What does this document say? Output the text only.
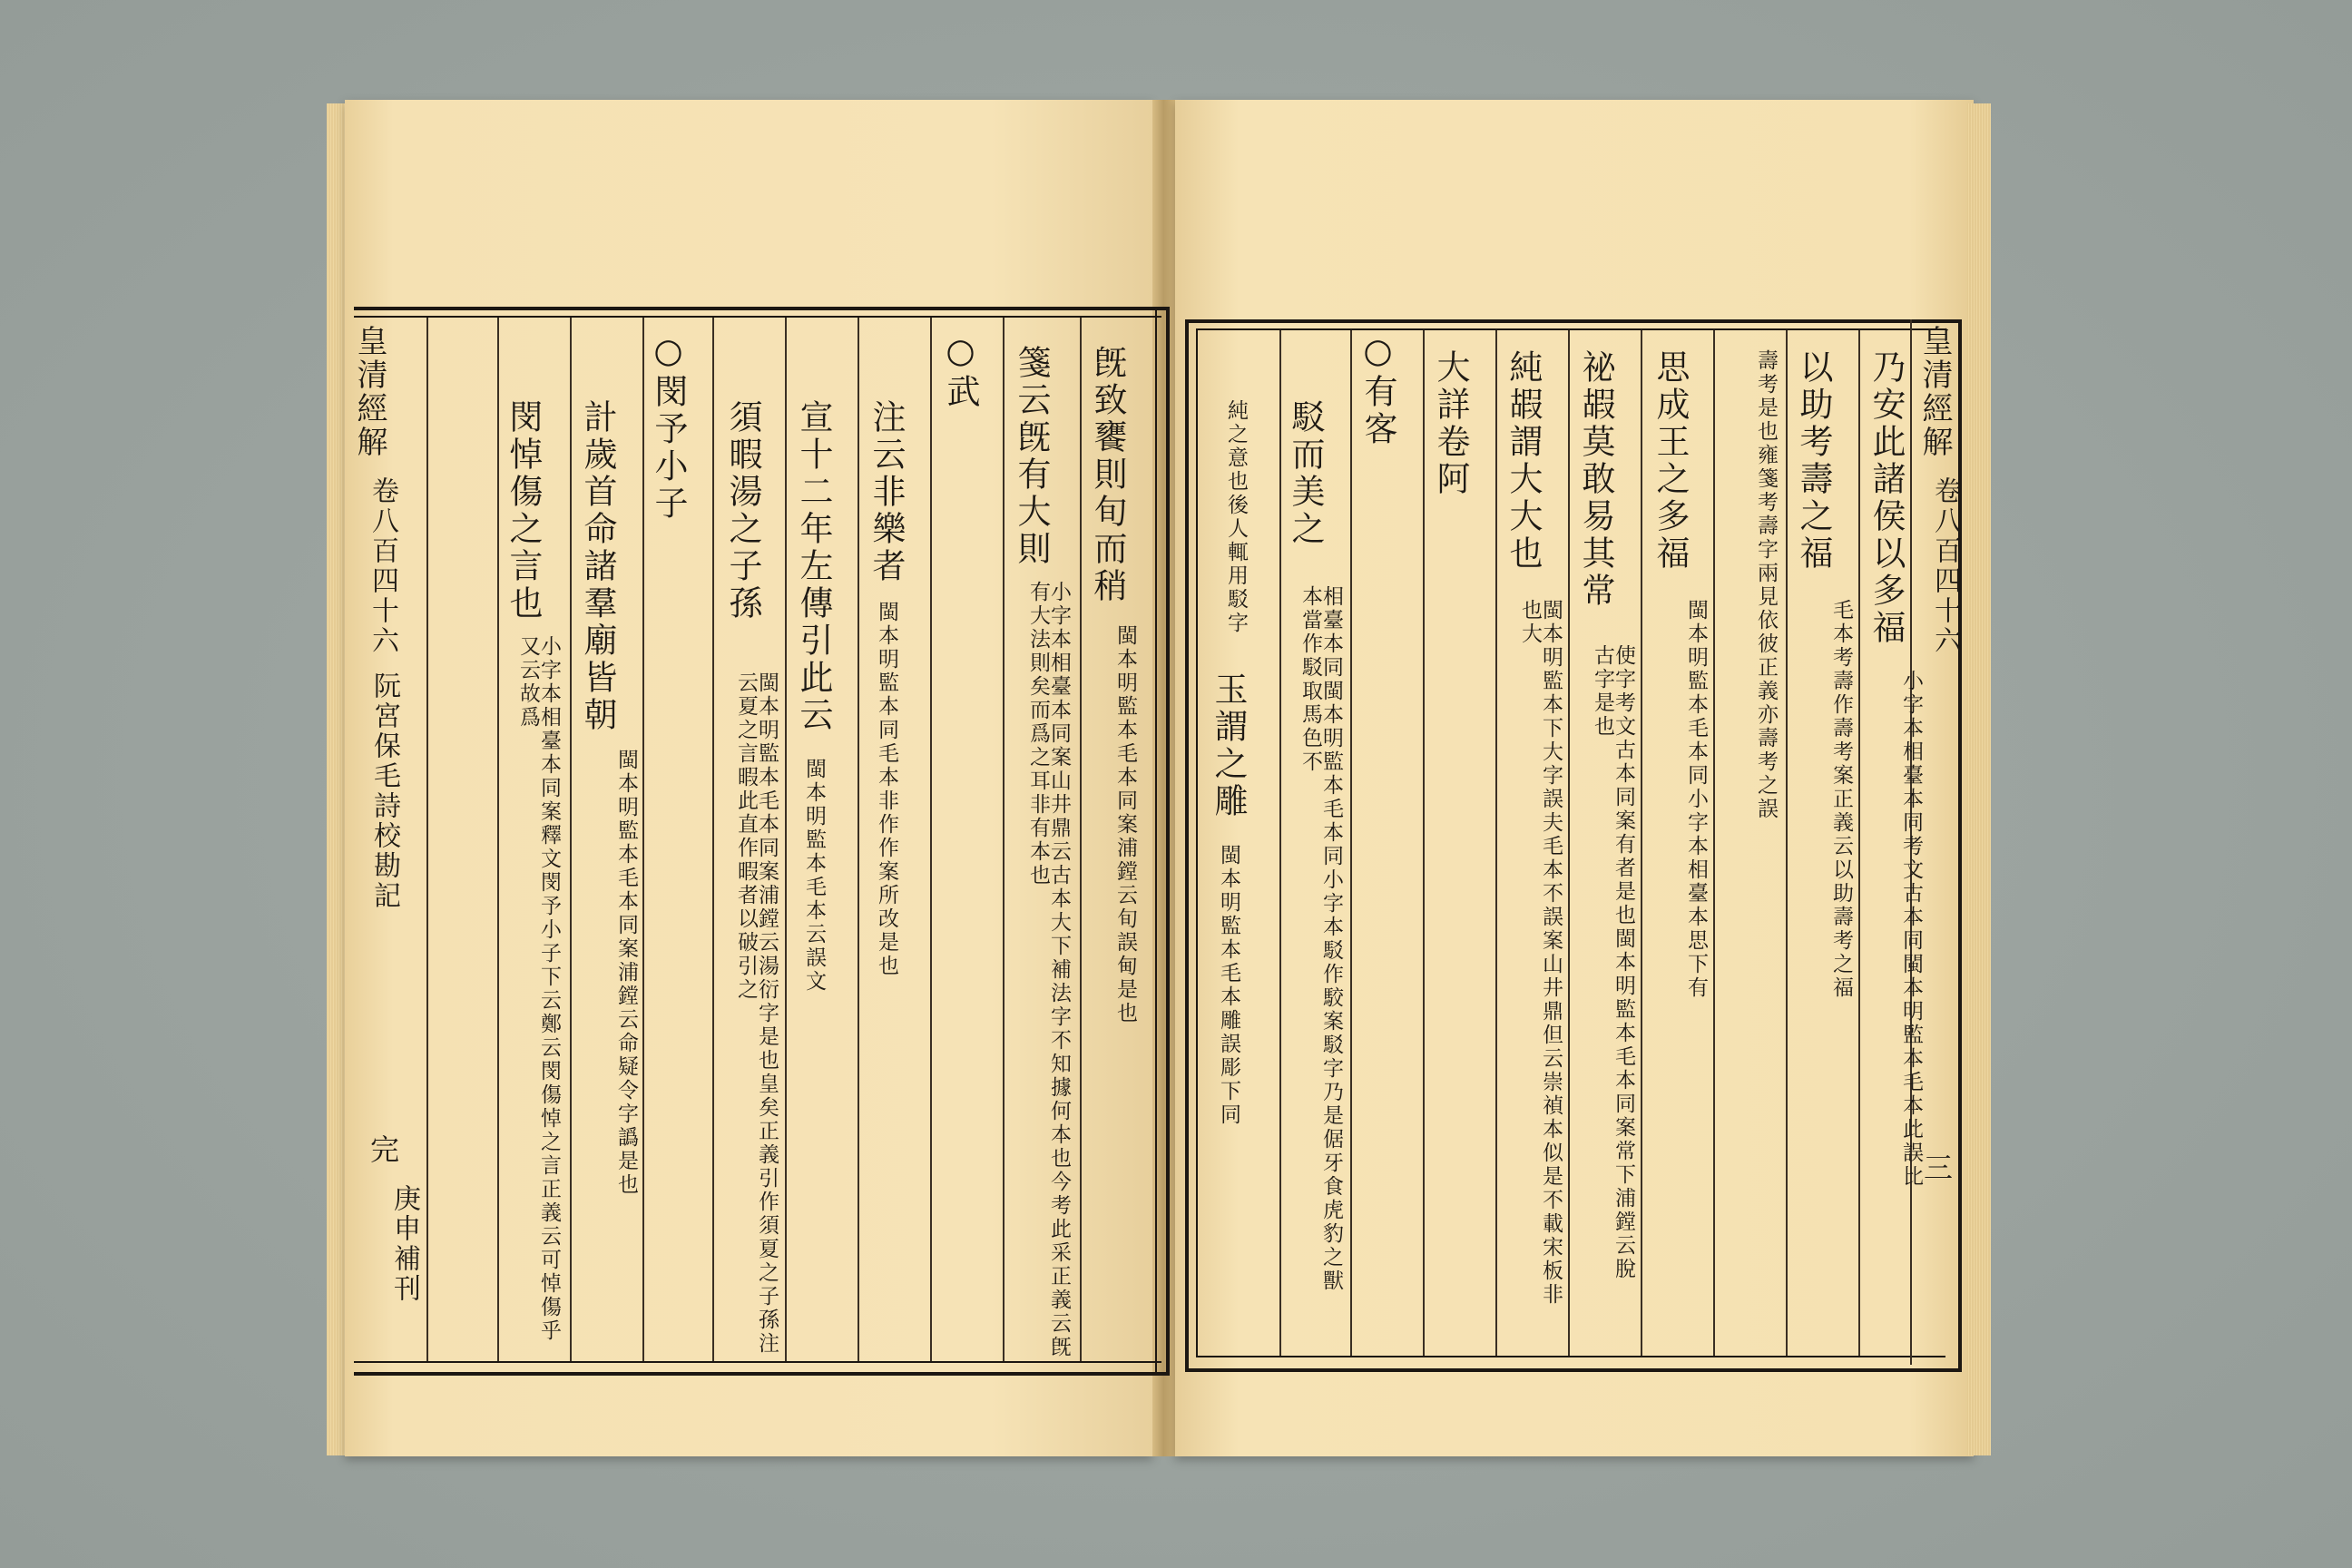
皇清經解
卷八百四十六
阮宮保毛詩校勘記
完
庚申補刊
旣致饔則旬而稍
閩本明監本毛本同案浦鏜云旬誤甸是也
箋云旣有大則
小字本相臺本同案山井鼎云古本大下補法字不知據何本也今考此采正義云旣有大法則矣而爲之耳非有本也
○武
注云非樂者
閩本明監本同毛本非作作案所改是也
宣十二年左傳引此云
閩本明監本毛本云誤文
須暇湯之子孫
閩本明監本毛本同案浦鏜云湯衍字是也皇矣正義引作須夏之子孫注云夏之言暇此直作暇者以破引之
○閔予小子
計歲首命諸羣廟皆朝
閩本明監本毛本同案浦鏜云命疑令字譌是也
閔悼傷之言也
小字本相臺本同案釋文閔予小子下云鄭云閔傷悼之言正義云可悼傷乎又云故爲
皇清經解
卷八百四十六
三
乃安此諸侯以多福
小字本相臺本同考文古本同閩本明監本毛本此誤比
以助考壽之福
毛本考壽作壽考案正義云以助壽考之福
壽考是也雍箋考壽字兩見依彼正義亦壽考之誤
思成王之多福
閩本明監本毛本同小字本相臺本思下有
祕嘏莫敢易其常
使字考文古本同案有者是也閩本明監本毛本同案常下浦鏜云脫古字是也
純嘏謂大大也
閩本明監本下大字誤夫毛本不誤案山井鼎但云崇禎本似是不載宋板非也大
大詳卷阿
○有客
駁而美之
相臺本同閩本明監本毛本同小字本駁作駮案駁字乃是倨牙食虎豹之獸本當作駁取馬色不
純之意也後人輒用駁字
玉謂之雕
閩本明監本毛本雕誤彫下同
